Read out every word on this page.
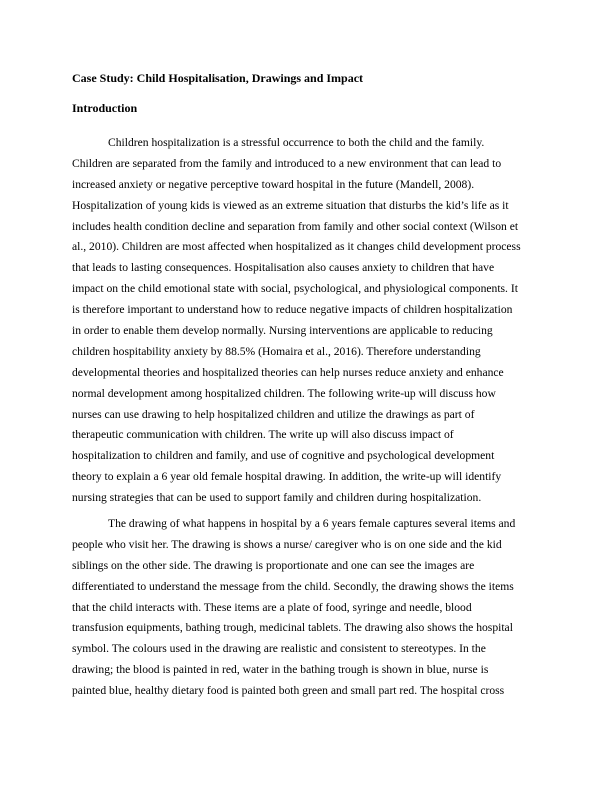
Case Study: Child Hospitalisation, Drawings and Impact
Introduction
Children hospitalization is a stressful occurrence to both the child and the family.
Children are separated from the family and introduced to a new environment that can lead to
increased anxiety or negative perceptive toward hospital in the future (Mandell, 2008).
Hospitalization of young kids is viewed as an extreme situation that disturbs the kid’s life as it
includes health condition decline and separation from family and other social context (Wilson et
al., 2010). Children are most affected when hospitalized as it changes child development process
that leads to lasting consequences. Hospitalisation also causes anxiety to children that have
impact on the child emotional state with social, psychological, and physiological components. It
is therefore important to understand how to reduce negative impacts of children hospitalization
in order to enable them develop normally. Nursing interventions are applicable to reducing
children hospitability anxiety by 88.5% (Homaira et al., 2016). Therefore understanding
developmental theories and hospitalized theories can help nurses reduce anxiety and enhance
normal development among hospitalized children. The following write-up will discuss how
nurses can use drawing to help hospitalized children and utilize the drawings as part of
therapeutic communication with children. The write up will also discuss impact of
hospitalization to children and family, and use of cognitive and psychological development
theory to explain a 6 year old female hospital drawing. In addition, the write-up will identify
nursing strategies that can be used to support family and children during hospitalization.
The drawing of what happens in hospital by a 6 years female captures several items and
people who visit her. The drawing is shows a nurse/ caregiver who is on one side and the kid
siblings on the other side. The drawing is proportionate and one can see the images are
differentiated to understand the message from the child. Secondly, the drawing shows the items
that the child interacts with. These items are a plate of food, syringe and needle, blood
transfusion equipments, bathing trough, medicinal tablets. The drawing also shows the hospital
symbol. The colours used in the drawing are realistic and consistent to stereotypes. In the
drawing; the blood is painted in red, water in the bathing trough is shown in blue, nurse is
painted blue, healthy dietary food is painted both green and small part red. The hospital cross
